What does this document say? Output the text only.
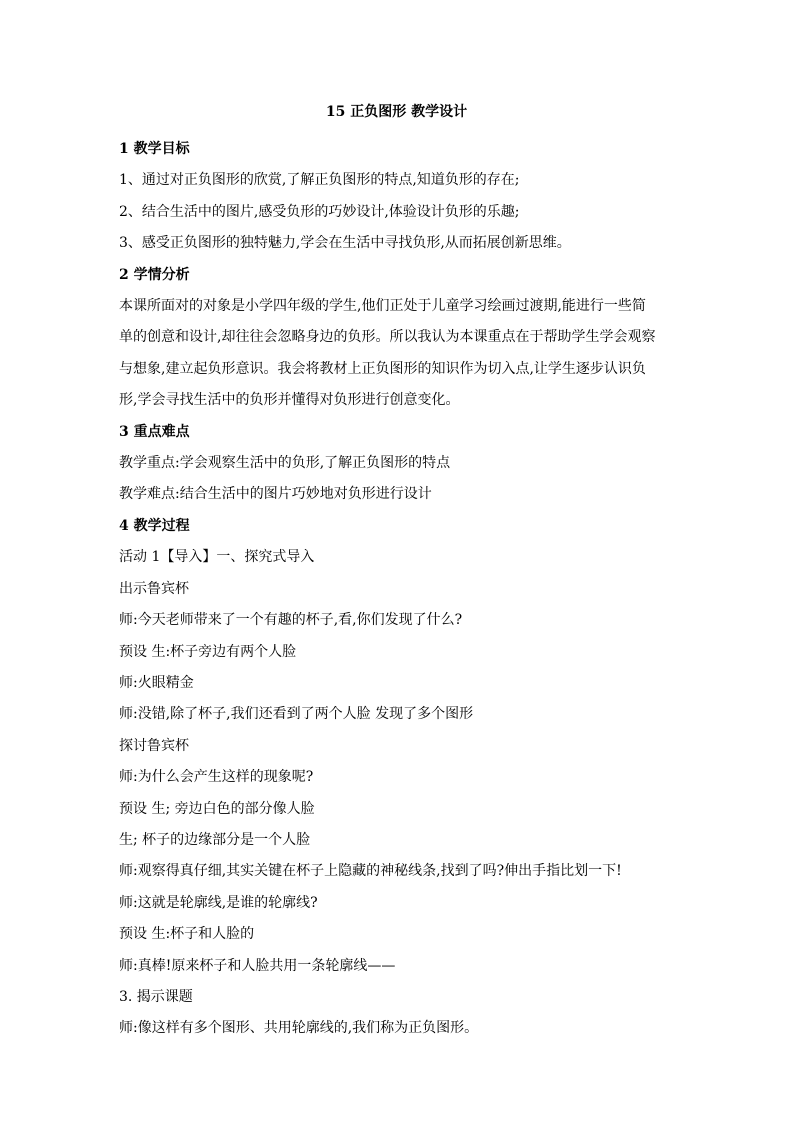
15 正负图形 教学设计
1 教学目标
1、通过对正负图形的欣赏,了解正负图形的特点,知道负形的存在;
2、结合生活中的图片,感受负形的巧妙设计,体验设计负形的乐趣;
3、感受正负图形的独特魅力,学会在生活中寻找负形,从而拓展创新思维。
2 学情分析
本课所面对的对象是小学四年级的学生,他们正处于儿童学习绘画过渡期,能进行一些简
单的创意和设计,却往往会忽略身边的负形。所以我认为本课重点在于帮助学生学会观察
与想象,建立起负形意识。我会将教材上正负图形的知识作为切入点,让学生逐步认识负
形,学会寻找生活中的负形并懂得对负形进行创意变化。
3 重点难点
教学重点:学会观察生活中的负形,了解正负图形的特点
教学难点:结合生活中的图片巧妙地对负形进行设计
4 教学过程
活动 1【导入】一、探究式导入
出示鲁宾杯
师:今天老师带来了一个有趣的杯子,看,你们发现了什么?
预设 生:杯子旁边有两个人脸
师:火眼精金
师:没错,除了杯子,我们还看到了两个人脸 发现了多个图形
探讨鲁宾杯
师:为什么会产生这样的现象呢?
预设 生; 旁边白色的部分像人脸
生; 杯子的边缘部分是一个人脸
师:观察得真仔细,其实关键在杯子上隐藏的神秘线条,找到了吗?伸出手指比划一下!
师:这就是轮廓线,是谁的轮廓线?
预设 生:杯子和人脸的
师:真棒!原来杯子和人脸共用一条轮廓线——
3. 揭示课题
师:像这样有多个图形、共用轮廓线的,我们称为正负图形。
